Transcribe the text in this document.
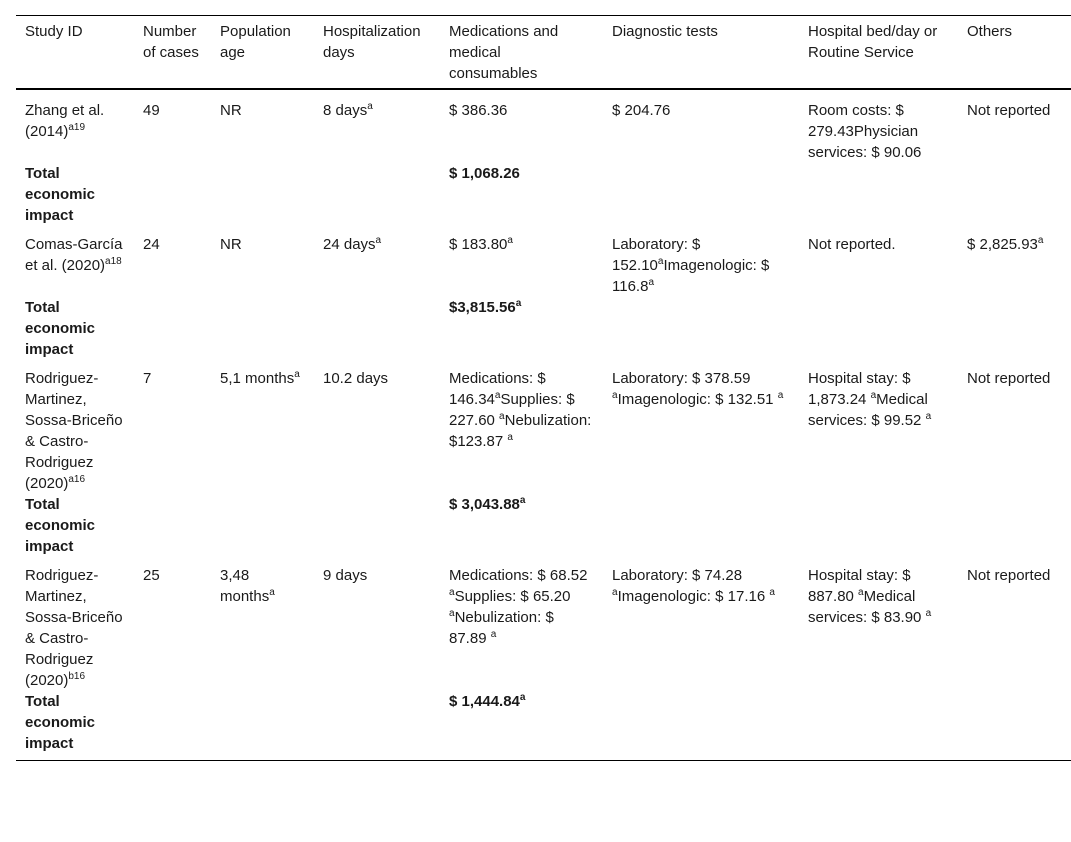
Study ID	Number of cases	Population age	Hospitalization days	Medications and medical consumables	Diagnostic tests	Hospital bed/day or Routine Service	Others
Zhang et al. $(2014)^{a19}$	49	NR	8 days$^a$	$ 386.36	$ 204.76	Room costs: $ 279.43Physician services: $ 90.06	Not reported
Total economic impact				$ 1,068.26			
Comas-García et al. $(2020)^{a18}$	24	NR	24 days$^a$	$ 183.80$^a$	Laboratory: $ 152.10$^a$Imagenologic: $ 116.8$^a$	Not reported.	$ 2,825.93$^a$
Total economic impact				$3,815.56$^a$			
Rodriguez-Martinez, Sossa-Briceño & Castro-Rodriguez $(2020)^{a16}$	7	5,1 months$^a$	10.2 days	Medications: $ 146.34$^a$Supplies: $ 227.60 $^a$Nebulization: $123.87 $^a$	Laboratory: $ 378.59 $^a$Imagenologic: $ 132.51 $^a$	Hospital stay: $ 1,873.24 $^a$Medical services: $ 99.52 $^a$	Not reported
Total economic impact				$ 3,043.88$^a$			
Rodriguez-Martinez, Sossa-Briceño & Castro-Rodriguez $(2020)^{b16}$	25	3,48 months$^a$	9 days	Medications: $ 68.52 $^a$Supplies: $ 65.20 $^a$Nebulization: $ 87.89 $^a$	Laboratory: $ 74.28 $^a$Imagenologic: $ 17.16 $^a$	Hospital stay: $ 887.80 $^a$Medical services: $ 83.90 $^a$	Not reported
Total economic impact				$ 1,444.84$^a$			
